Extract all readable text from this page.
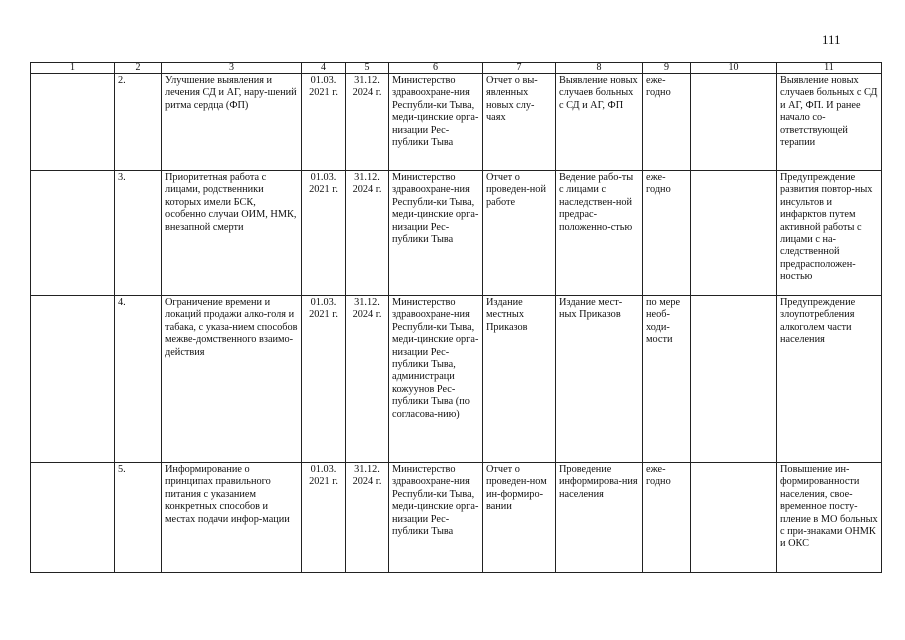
111
1	2	3	4	5	6	7	8	9	10	11
	2.	Улучшение выявления и лечения СД и АГ, нару-шений ритма сердца (ФП)	01.03. 2021 г.	31.12. 2024 г.	Министерство здравоохране-ния Республи-ки Тыва, меди-цинские орга-низации Рес-публики Тыва	Отчет о вы-явленных новых слу-чаях	Выявление новых случаев больных с СД и АГ, ФП	еже-годно		Выявление новых случаев больных с СД и АГ, ФП. И ранее начало со-ответствующей терапии
	3.	Приоритетная работа с лицами, родственники которых имели БСК, особенно случаи ОИМ, НМК, внезапной смерти	01.03. 2021 г.	31.12. 2024 г.	Министерство здравоохране-ния Республи-ки Тыва, меди-цинские орга-низации Рес-публики Тыва	Отчет о проведен-ной работе	Ведение рабо-ты с лицами с наследствен-ной предрас-положенно-стью	еже-годно		Предупреждение развития повтор-ных инсультов и инфарктов путем активной работы с лицами с на-следственной предрасположен-ностью
	4.	Ограничение времени и локаций продажи алко-голя и табака, с указа-нием способов межве-домственного взаимо-действия	01.03. 2021 г.	31.12. 2024 г.	Министерство здравоохране-ния Республи-ки Тыва, меди-цинские орга-низации Рес-публики Тыва, администраци кожуунов Рес-публики Тыва (по согласова-нию)	Издание местных Приказов	Издание мест-ных Приказов	по мере необ-ходи-мости		Предупреждение злоупотребления алкоголем части населения
	5.	Информирование о принципах правильного питания с указанием конкретных способов и местах подачи инфор-мации	01.03. 2021 г.	31.12. 2024 г.	Министерство здравоохране-ния Республи-ки Тыва, меди-цинские орга-низации Рес-публики Тыва	Отчет о проведен-ном ин-формиро-вании	Проведение информирова-ния населения	еже-годно		Повышение ин-формированности населения, свое-временное посту-пление в МО больных с при-знаками ОНМК и ОКС
